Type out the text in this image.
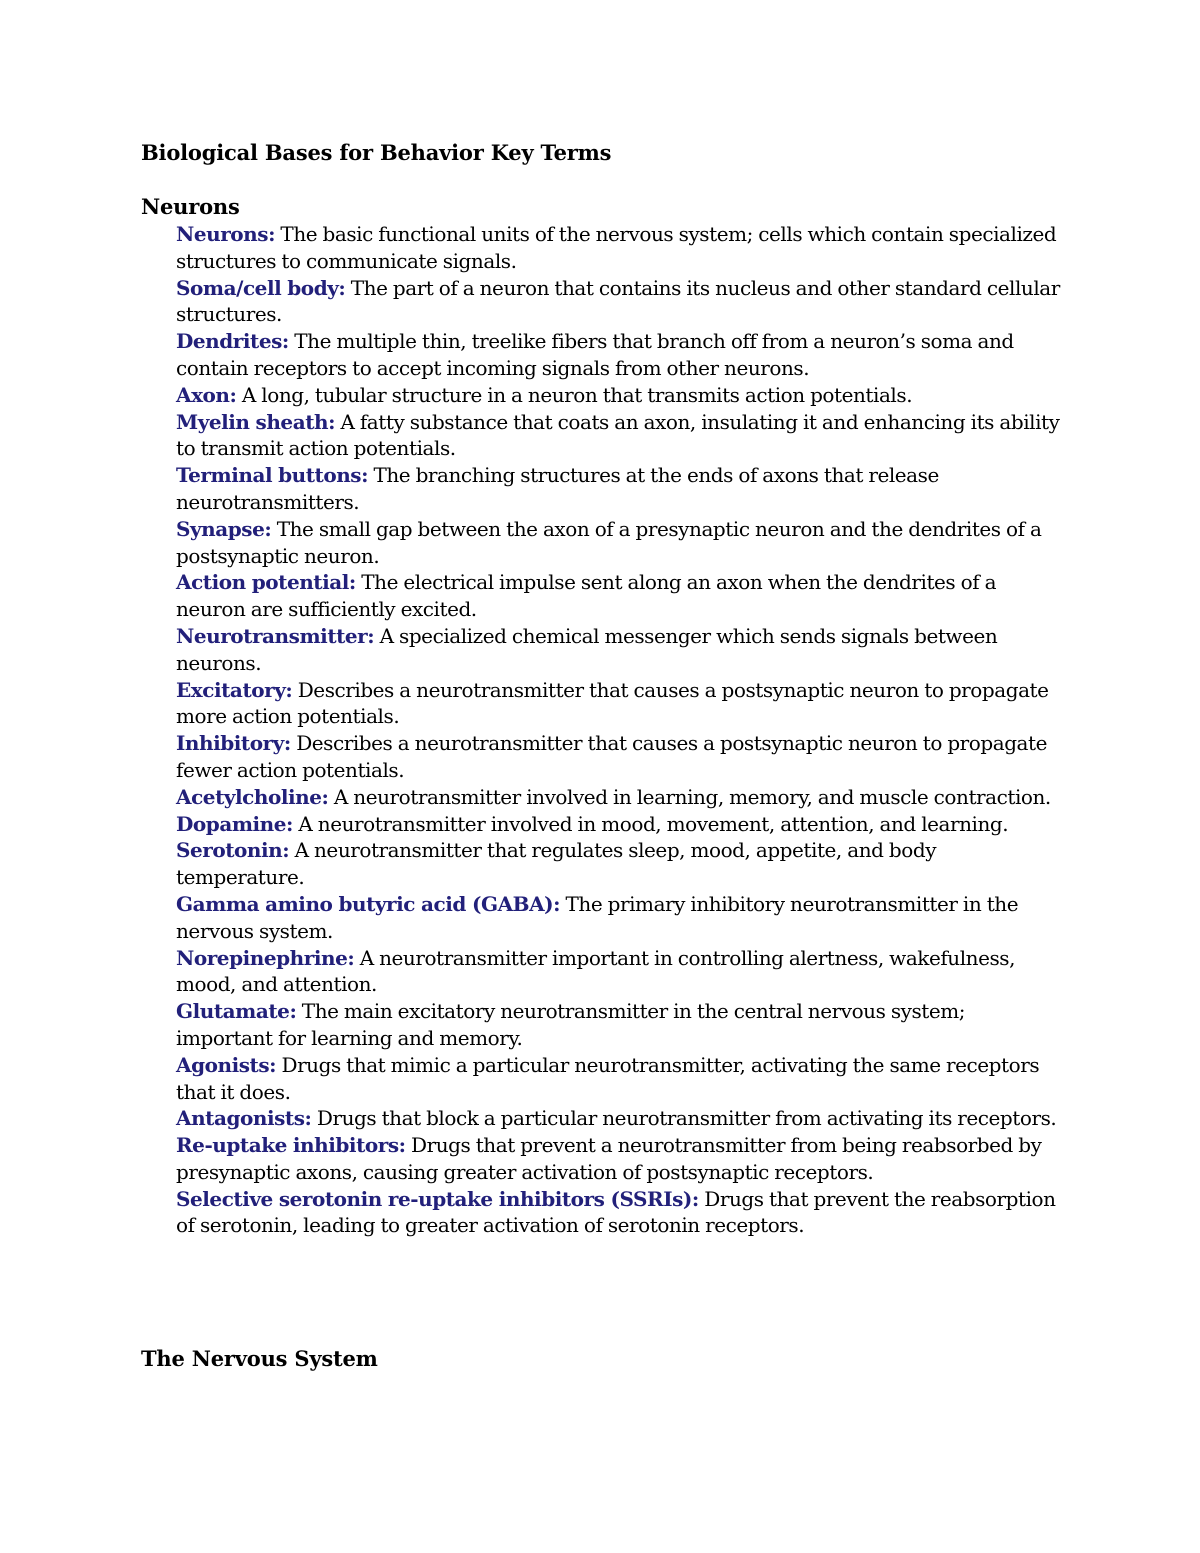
Biological Bases for Behavior Key Terms
Neurons
Neurons: The basic functional units of the nervous system; cells which contain specialized structures to communicate signals.
Soma/cell body: The part of a neuron that contains its nucleus and other standard cellular structures.
Dendrites: The multiple thin, treelike fibers that branch off from a neuron’s soma and contain receptors to accept incoming signals from other neurons.
Axon: A long, tubular structure in a neuron that transmits action potentials.
Myelin sheath: A fatty substance that coats an axon, insulating it and enhancing its ability to transmit action potentials.
Terminal buttons: The branching structures at the ends of axons that release neurotransmitters.
Synapse: The small gap between the axon of a presynaptic neuron and the dendrites of a postsynaptic neuron.
Action potential: The electrical impulse sent along an axon when the dendrites of a neuron are sufficiently excited.
Neurotransmitter: A specialized chemical messenger which sends signals between neurons.
Excitatory: Describes a neurotransmitter that causes a postsynaptic neuron to propagate more action potentials.
Inhibitory: Describes a neurotransmitter that causes a postsynaptic neuron to propagate fewer action potentials.
Acetylcholine: A neurotransmitter involved in learning, memory, and muscle contraction.
Dopamine: A neurotransmitter involved in mood, movement, attention, and learning.
Serotonin: A neurotransmitter that regulates sleep, mood, appetite, and body temperature.
Gamma amino butyric acid (GABA): The primary inhibitory neurotransmitter in the nervous system.
Norepinephrine: A neurotransmitter important in controlling alertness, wakefulness, mood, and attention.
Glutamate: The main excitatory neurotransmitter in the central nervous system; important for learning and memory.
Agonists: Drugs that mimic a particular neurotransmitter, activating the same receptors that it does.
Antagonists: Drugs that block a particular neurotransmitter from activating its receptors.
Re-uptake inhibitors: Drugs that prevent a neurotransmitter from being reabsorbed by presynaptic axons, causing greater activation of postsynaptic receptors.
Selective serotonin re-uptake inhibitors (SSRIs): Drugs that prevent the reabsorption of serotonin, leading to greater activation of serotonin receptors.
The Nervous System
